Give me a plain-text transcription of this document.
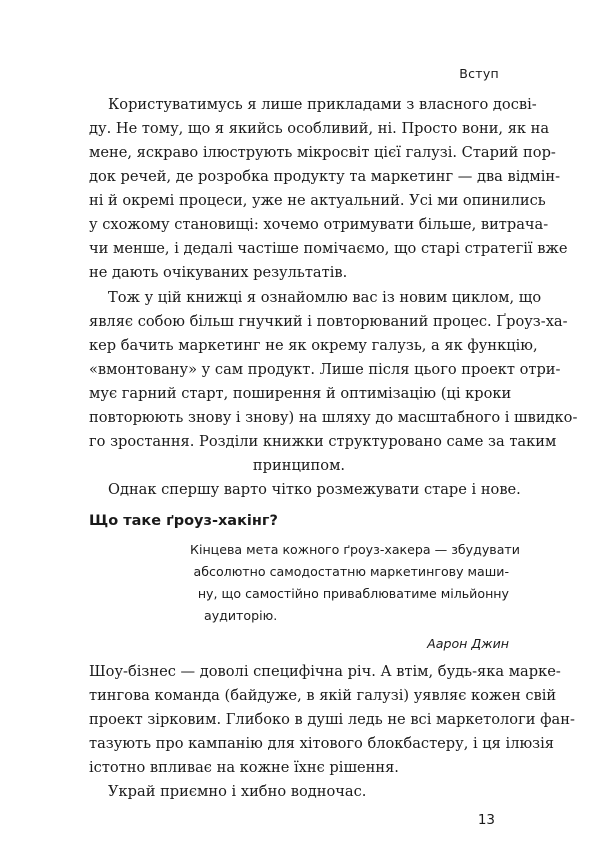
Вступ
Користуватимусь я лише прикладами з власного досві-
ду. Не тому, що я якийсь особливий, ні. Просто вони, як на
мене, яскраво ілюструють мікросвіт цієї галузі. Старий пор-
док речей, де розробка продукту та маркетинг — два відмін-
ні й окремі процеси, уже не актуальний. Усі ми опинились
у схожому становищі: хочемо отримувати більше, витрача-
чи менше, і дедалі частіше помічаємо, що старі стратегії вже
не дають очікуваних результатів.
Тож у цій книжці я ознайомлю вас із новим циклом, що
являє собою більш гнучкий і повторюваний процес. Ґроуз-ха-
кер бачить маркетинг не як окрему галузь, а як функцію,
«вмонтовану» у сам продукт. Лише після цього проект отри-
мує гарний старт, поширення й оптимізацію (ці кроки
повторюють знову і знову) на шляху до масштабного і швидко-
го зростання. Розділи книжки структуровано саме за таким
принципом.
Однак спершу варто чітко розмежувати старе і нове.
Що таке ґроуз-хакінг?
Кінцева мета кожного ґроуз-хакера — збудувати
абсолютно самодостатню маркетингову маши-
ну, що самостійно приваблюватиме мільйонну
аудиторію.
Аарон Джин
Шоу-бізнес — доволі специфічна річ. А втім, будь-яка марке-
тингова команда (байдуже, в якій галузі) уявляє кожен свій
проект зірковим. Глибоко в душі ледь не всі маркетологи фан-
тазують про кампанію для хітового блокбастеру, і ця ілюзія
істотно впливає на кожне їхнє рішення.
Украй приємно і хибно водночас.
13
